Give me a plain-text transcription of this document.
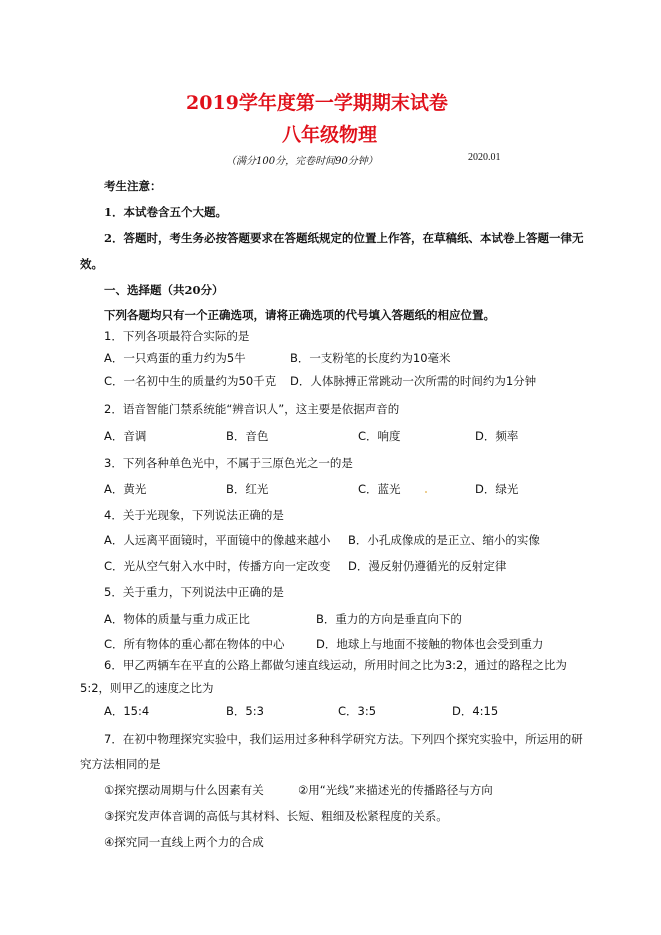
2019学年度第一学期期末试卷
八年级物理
（满分100分，完卷时间90分钟）	2020.01
考生注意：
1．本试卷含五个大题。
2．答题时，考生务必按答题要求在答题纸规定的位置上作答，在草稿纸、本试卷上答题一律无
效。
一、选择题（共20分）
下列各题均只有一个正确选项，请将正确选项的代号填入答题纸的相应位置。
1．下列各项最符合实际的是
A．一只鸡蛋的重力约为5牛	B．一支粉笔的长度约为10毫米
C．一名初中生的质量约为50千克 D．人体脉搏正常跳动一次所需的时间约为1分钟
2．语音智能门禁系统能“辨音识人”，这主要是依据声音的
A．音调	B．音色	C．响度	D．频率
3．下列各种单色光中，不属于三原色光之一的是
A．黄光	B．红光	C．蓝光	D．绿光
4．关于光现象，下列说法正确的是
A．人远离平面镜时，平面镜中的像越来越小 B．小孔成像成的是正立、缩小的实像
C．光从空气射入水中时，传播方向一定改变 D．漫反射仍遵循光的反射定律
5．关于重力，下列说法中正确的是
A．物体的质量与重力成正比	B．重力的方向是垂直向下的
C．所有物体的重心都在物体的中心	D．地球上与地面不接触的物体也会受到重力
6．甲乙两辆车在平直的公路上都做匀速直线运动，所用时间之比为3:2，通过的路程之比为
5:2，则甲乙的速度之比为
A．15:4	B．5:3	C．3:5	D．4:15
7．在初中物理探究实验中，我们运用过多种科学研究方法。下列四个探究实验中，所运用的研
究方法相同的是
①探究摆动周期与什么因素有关	②用“光线”来描述光的传播路径与方向
③探究发声体音调的高低与其材料、长短、粗细及松紧程度的关系。
④探究同一直线上两个力的合成
